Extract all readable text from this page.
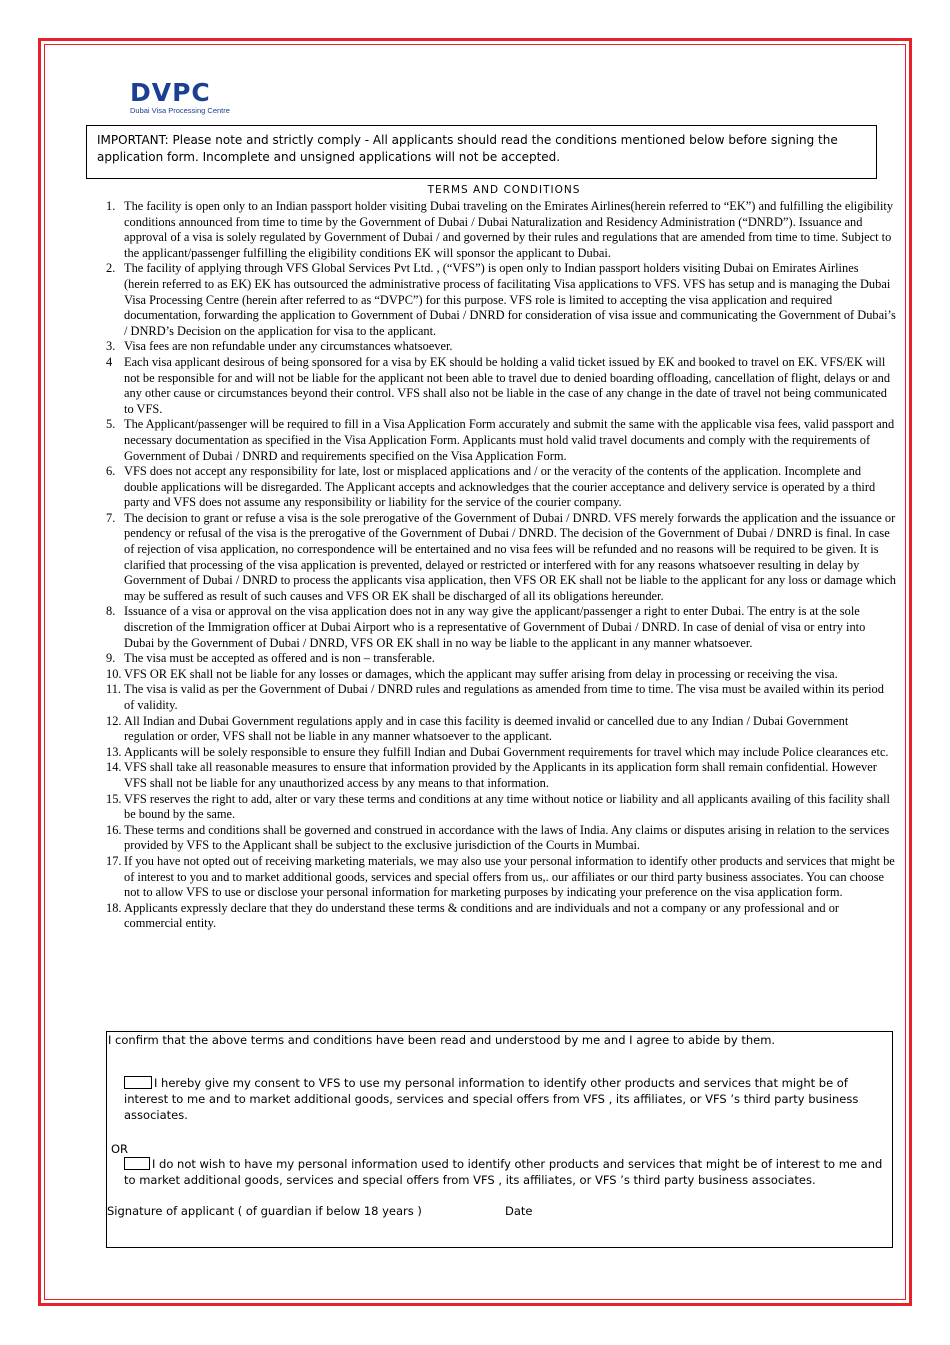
DVPC
Dubai Visa Processing Centre
IMPORTANT: Please note and strictly comply - All applicants should read the conditions mentioned below before signing the application form. Incomplete and unsigned applications will not be accepted.
TERMS AND CONDITIONS
1. The facility is open only to an Indian passport holder visiting Dubai traveling on the Emirates Airlines(herein referred to “EK”) and fulfilling the eligibility conditions announced from time to time by the Government of Dubai / Dubai Naturalization and Residency Administration (“DNRD”). Issuance and approval of a visa is solely regulated by Government of Dubai / and governed by their rules and regulations that are amended from time to time. Subject to the applicant/passenger fulfilling the eligibility conditions EK will sponsor the applicant to Dubai.
2. The facility of applying through VFS Global Services Pvt Ltd. , (“VFS”) is open only to Indian passport holders visiting Dubai on Emirates Airlines (herein referred to as EK) EK has outsourced the administrative process of facilitating Visa applications to VFS. VFS has setup and is managing the Dubai Visa Processing Centre (herein after referred to as “DVPC”) for this purpose. VFS role is limited to accepting the visa application and required documentation, forwarding the application to Government of Dubai / DNRD for consideration of visa issue and communicating the Government of Dubai’s / DNRD’s Decision on the application for visa to the applicant.
3. Visa fees are non refundable under any circumstances whatsoever.
4 Each visa applicant desirous of being sponsored for a visa by EK should be holding a valid ticket issued by EK and booked to travel on EK. VFS/EK will not be responsible for and will not be liable for the applicant not been able to travel due to denied boarding offloading, cancellation of flight, delays or and any other cause or circumstances beyond their control. VFS shall also not be liable in the case of any change in the date of travel not being communicated to VFS.
5. The Applicant/passenger will be required to fill in a Visa Application Form accurately and submit the same with the applicable visa fees, valid passport and necessary documentation as specified in the Visa Application Form. Applicants must hold valid travel documents and comply with the requirements of Government of Dubai / DNRD and requirements specified on the Visa Application Form.
6. VFS does not accept any responsibility for late, lost or misplaced applications and / or the veracity of the contents of the application. Incomplete and double applications will be disregarded. The Applicant accepts and acknowledges that the courier acceptance and delivery service is operated by a third party and VFS does not assume any responsibility or liability for the service of the courier company.
7. The decision to grant or refuse a visa is the sole prerogative of the Government of Dubai / DNRD. VFS merely forwards the application and the issuance or pendency or refusal of the visa is the prerogative of the Government of Dubai / DNRD. The decision of the Government of Dubai / DNRD is final. In case of rejection of visa application, no correspondence will be entertained and no visa fees will be refunded and no reasons will be required to be given. It is clarified that processing of the visa application is prevented, delayed or restricted or interfered with for any reasons whatsoever resulting in delay by Government of Dubai / DNRD to process the applicants visa application, then VFS OR EK shall not be liable to the applicant for any loss or damage which may be suffered as result of such causes and VFS OR EK shall be discharged of all its obligations hereunder.
8. Issuance of a visa or approval on the visa application does not in any way give the applicant/passenger a right to enter Dubai. The entry is at the sole discretion of the Immigration officer at Dubai Airport who is a representative of Government of Dubai / DNRD. In case of denial of visa or entry into Dubai by the Government of Dubai / DNRD, VFS OR EK shall in no way be liable to the applicant in any manner whatsoever.
9. The visa must be accepted as offered and is non – transferable.
10. VFS OR EK shall not be liable for any losses or damages, which the applicant may suffer arising from delay in processing or receiving the visa.
11. The visa is valid as per the Government of Dubai / DNRD rules and regulations as amended from time to time. The visa must be availed within its period of validity.
12. All Indian and Dubai Government regulations apply and in case this facility is deemed invalid or cancelled due to any Indian / Dubai Government regulation or order, VFS shall not be liable in any manner whatsoever to the applicant.
13. Applicants will be solely responsible to ensure they fulfill Indian and Dubai Government requirements for travel which may include Police clearances etc.
14. VFS shall take all reasonable measures to ensure that information provided by the Applicants in its application form shall remain confidential. However VFS shall not be liable for any unauthorized access by any means to that information.
15. VFS reserves the right to add, alter or vary these terms and conditions at any time without notice or liability and all applicants availing of this facility shall be bound by the same.
16. These terms and conditions shall be governed and construed in accordance with the laws of India. Any claims or disputes arising in relation to the services provided by VFS to the Applicant shall be subject to the exclusive jurisdiction of the Courts in Mumbai.
17. If you have not opted out of receiving marketing materials, we may also use your personal information to identify other products and services that might be of interest to you and to market additional goods, services and special offers from us,. our affiliates or our third party business associates. You can choose not to allow VFS to use or disclose your personal information for marketing purposes by indicating your preference on the visa application form.
18. Applicants expressly declare that they do understand these terms & conditions and are individuals and not a company or any professional and or commercial entity.
I confirm that the above terms and conditions have been read and understood by me and I agree to abide by them.
I hereby give my consent to VFS to use my personal information to identify other products and services that might be of interest to me and to market additional goods, services and special offers from VFS , its affiliates, or VFS ’s third party business associates.
OR
I do not wish to have my personal information used to identify other products and services that might be of interest to me and to market additional goods, services and special offers from VFS , its affiliates, or VFS ’s third party business associates.
Signature of applicant ( of guardian if below 18 years )	Date
